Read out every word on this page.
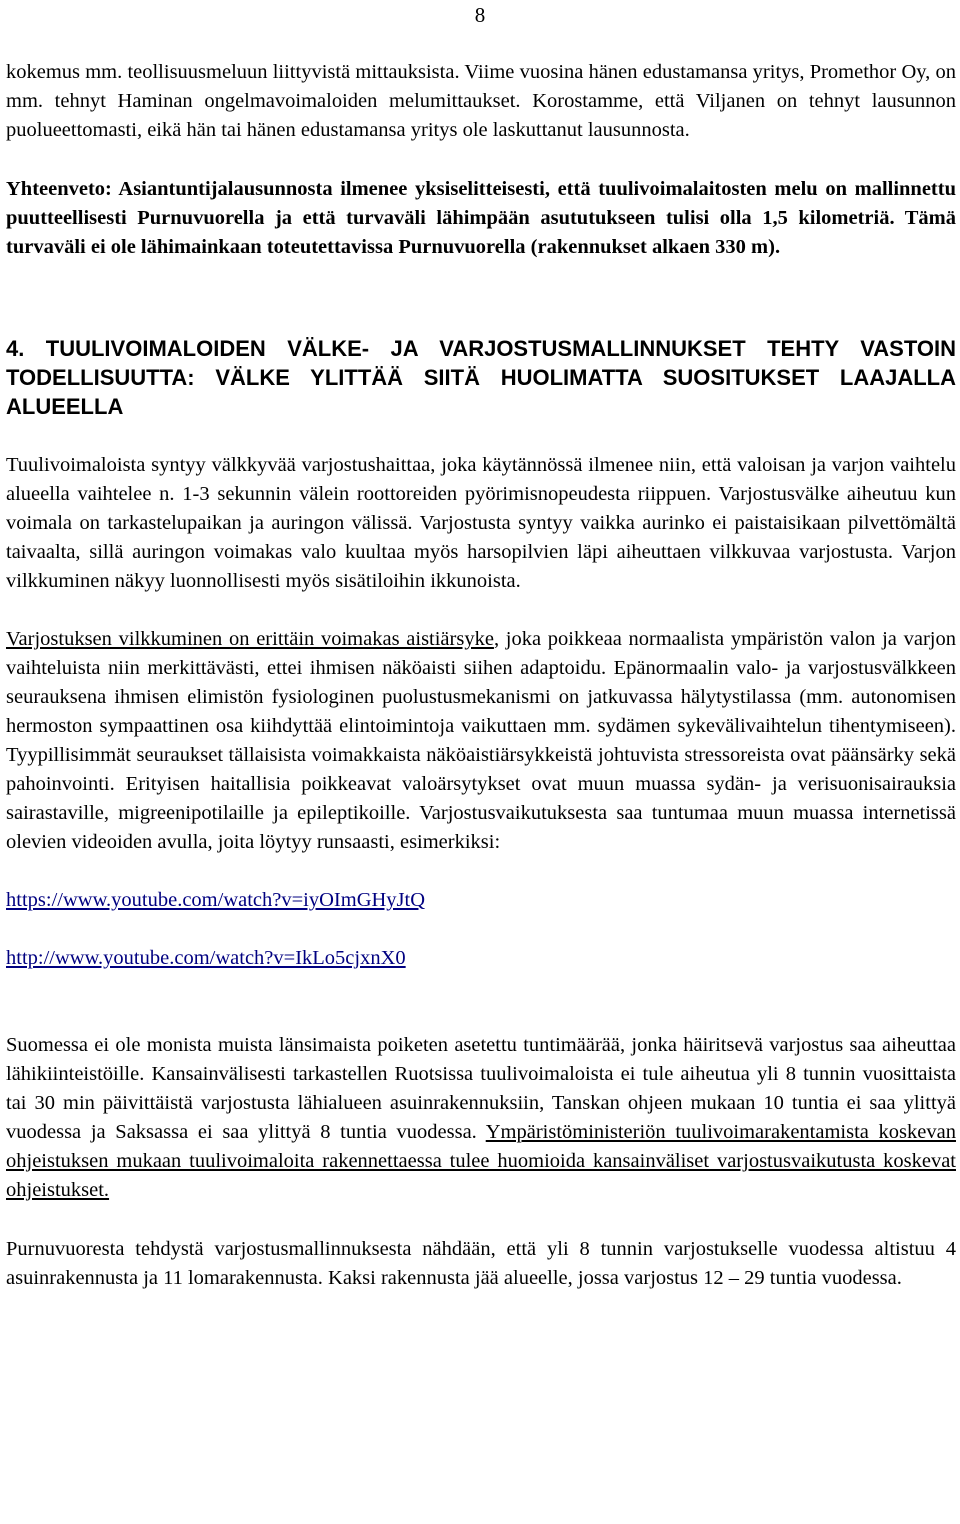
8

kokemus mm. teollisuusmeluun liittyvistä mittauksista. Viime vuosina hänen edustamansa yritys, Promethor Oy, on mm. tehnyt Haminan ongelmavoimaloiden melumittaukset. Korostamme, että Viljanen on tehnyt lausunnon puolueettomasti, eikä hän tai hänen edustamansa yritys ole laskuttanut lausunnosta.

Yhteenveto: Asiantuntijalausunnosta ilmenee yksiselitteisesti, että tuulivoimalaitosten melu on mallinnettu puutteellisesti Purnuvuorella ja että turvaväli lähimpään asututukseen tulisi olla 1,5 kilometriä. Tämä turvaväli ei ole lähimainkaan toteutettavissa Purnuvuorella (rakennukset alkaen 330 m).

4. TUULIVOIMALOIDEN VÄLKE- JA VARJOSTUSMALLINNUKSET TEHTY VASTOIN TODELLISUUTTA: VÄLKE YLITTÄÄ SIITÄ HUOLIMATTA SUOSITUKSET LAAJALLA ALUEELLA

Tuulivoimaloista syntyy välkkyvää varjostushaittaa, joka käytännössä ilmenee niin, että valoisan ja varjon vaihtelu alueella vaihtelee n. 1-3 sekunnin välein roottoreiden pyörimisnopeudesta riippuen. Varjostusvälke aiheutuu kun voimala on tarkastelupaikan ja auringon välissä. Varjostusta syntyy vaikka aurinko ei paistaisikaan pilvettömältä taivaalta, sillä auringon voimakas valo kuultaa myös harsopilvien läpi aiheuttaen vilkkuvaa varjostusta. Varjon vilkkuminen näkyy luonnollisesti myös sisätiloihin ikkunoista.

Varjostuksen vilkkuminen on erittäin voimakas aistiärsyke, joka poikkeaa normaalista ympäristön valon ja varjon vaihteluista niin merkittävästi, ettei ihmisen näköaisti siihen adaptoidu. Epänormaalin valo- ja varjostusvälkkeen seurauksena ihmisen elimistön fysiologinen puolustusmekanismi on jatkuvassa hälytystilassa (mm. autonomisen hermoston sympaattinen osa kiihdyttää elintoimintoja vaikuttaen mm. sydämen sykevälivaihtelun tihentymiseen). Tyypillisimmät seuraukset tällaisista voimakkaista näköaistiärsykkeistä johtuvista stressoreista ovat päänsärky sekä pahoinvointi. Erityisen haitallisia poikkeavat valoärsytykset ovat muun muassa sydän- ja verisuonisairauksia sairastaville, migreenipotilaille ja epileptikoille. Varjostusvaikutuksesta saa tuntumaa muun muassa internetissä olevien videoiden avulla, joita löytyy runsaasti, esimerkiksi:

https://www.youtube.com/watch?v=iyOImGHyJtQ

http://www.youtube.com/watch?v=IkLo5cjxnX0

Suomessa ei ole monista muista länsimaista poiketen asetettu tuntimäärää, jonka häiritsevä varjostus saa aiheuttaa lähikiinteistöille. Kansainvälisesti tarkastellen Ruotsissa tuulivoimaloista ei tule aiheutua yli 8 tunnin vuosittaista tai 30 min päivittäistä varjostusta lähialueen asuinrakennuksiin, Tanskan ohjeen mukaan 10 tuntia ei saa ylittyä vuodessa ja Saksassa ei saa ylittyä 8 tuntia vuodessa. Ympäristöministeriön tuulivoimarakentamista koskevan ohjeistuksen mukaan tuulivoimaloita rakennettaessa tulee huomioida kansainväliset varjostusvaikutusta koskevat ohjeistukset.

Purnuvuoresta tehdystä varjostusmallinnuksesta nähdään, että yli 8 tunnin varjostukselle vuodessa altistuu 4 asuinrakennusta ja 11 lomarakennusta. Kaksi rakennusta jää alueelle, jossa varjostus 12 – 29 tuntia vuodessa.
